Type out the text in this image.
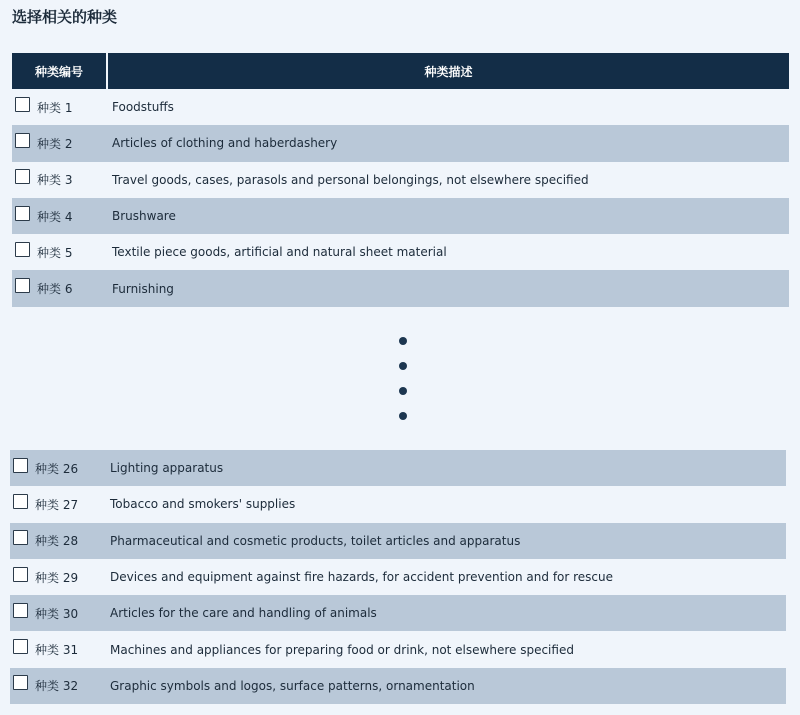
选择相关的种类
种类编号	种类描述
种类 1	Foodstuffs
种类 2	Articles of clothing and haberdashery
种类 3	Travel goods, cases, parasols and personal belongings, not elsewhere specified
种类 4	Brushware
种类 5	Textile piece goods, artificial and natural sheet material
种类 6	Furnishing
种类 26	Lighting apparatus
种类 27	Tobacco and smokers' supplies
种类 28	Pharmaceutical and cosmetic products, toilet articles and apparatus
种类 29	Devices and equipment against fire hazards, for accident prevention and for rescue
种类 30	Articles for the care and handling of animals
种类 31	Machines and appliances for preparing food or drink, not elsewhere specified
种类 32	Graphic symbols and logos, surface patterns, ornamentation
